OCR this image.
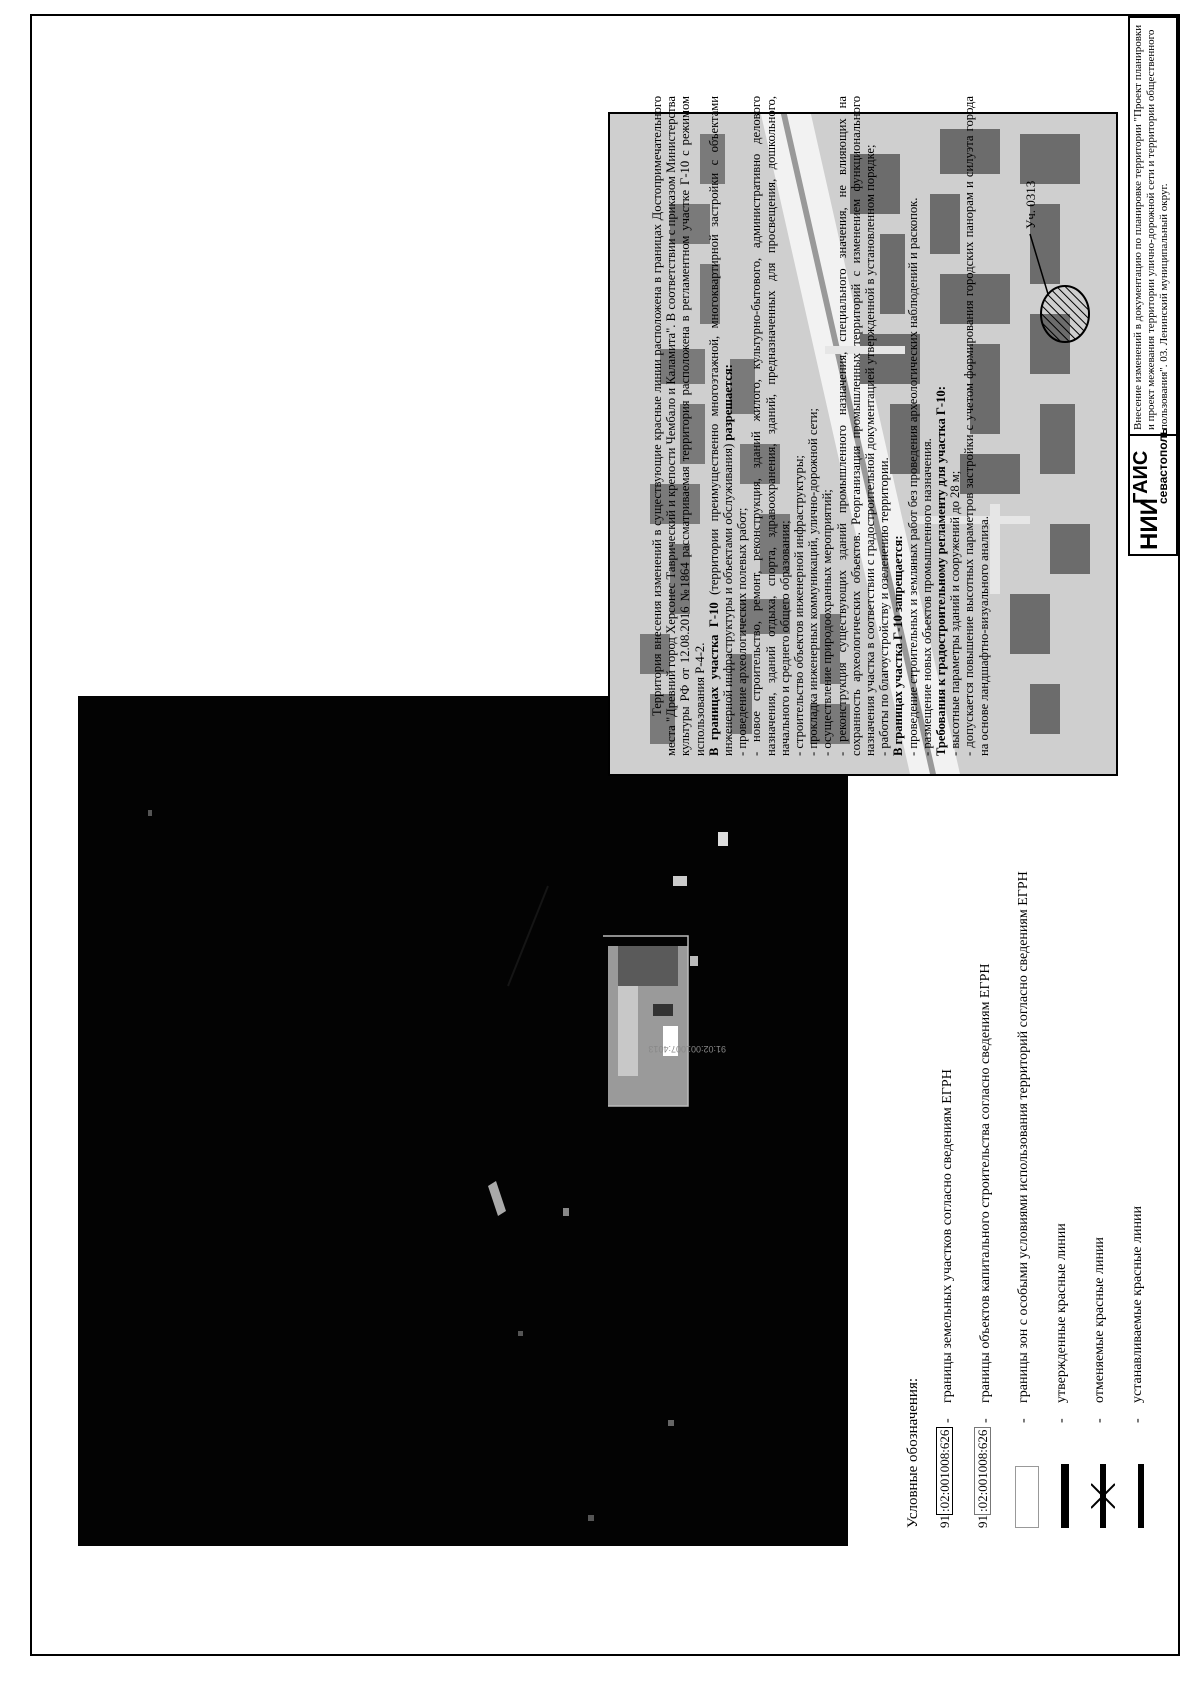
91:02:001007:4013
Уч. 0313
Условные обозначения: 91:02:001008:626
-
границы земельных участков согласно сведениям ЕГРН
91:02:001008:626
-
границы объектов капитального строительства согласно сведениям ЕГРН
-
границы зон с особыми условиями использования территорий согласно сведениям ЕГРН
-
утвержденные красные линии
-
отменяемые красные линии
-
устанавливаемые красные линии

Территория внесения изменений в существующие красные линии расположена в границах Достопримечательного места "Древний город Херсонес Таврический и крепости Чембало и Каламита". В соответствии с приказом Министерства культуры РФ от 12.08.2016 №1864 рассматриваемая территория расположена в регламентном участке Г-10 с режимом использования Р-4-2. В границах участка Г-10 (территории преимущественно многоэтажной, многоквартирной застройки с объектами инженерной инфраструктуры и объектами обслуживания) разрешается:

- проведение археологических полевых работ; - новое строительство, ремонт, реконструкция, зданий жилого, культурно-бытового, административно делового назначения, зданий отдыха, спорта, здравоохранения, зданий, предназначенных для просвещения, дошкольного, начального и среднего общего образования; - строительство объектов инженерной инфраструктуры; - прокладка инженерных коммуникаций, улично-дорожной сети; - осуществление природоохранных мероприятий; - реконструкция существующих зданий промышленного назначения, специального значения, не влияющих на сохранность археологических объектов. Реорганизация промышленных территорий с изменением функционального назначения участка в соответствии с градостроительной документацией утвержденной в установленном порядке; - работы по благоустройству и озеленению территории. В границах участка Г-10 запрещается: - проведение строительных и земляных работ без проведения археологических наблюдений и раскопок. - размещение новых объектов промышленного назначения. Требования к градостроительному регламенту для участка Г-10: - высотные параметры зданий и сооружений до 28 м; - допускается повышение высотных параметров застройки с учетом формирования городских панорам и силуэта города на основе ландшафтно-визуального анализа.	НИИ
ГАИС севастополь
Внесение изменений в документацию по планировке территории "Проект планировки и проект межевания территории улично-дорожной сети и территории общественного пользования". 03. Ленинский муниципальный округ.
